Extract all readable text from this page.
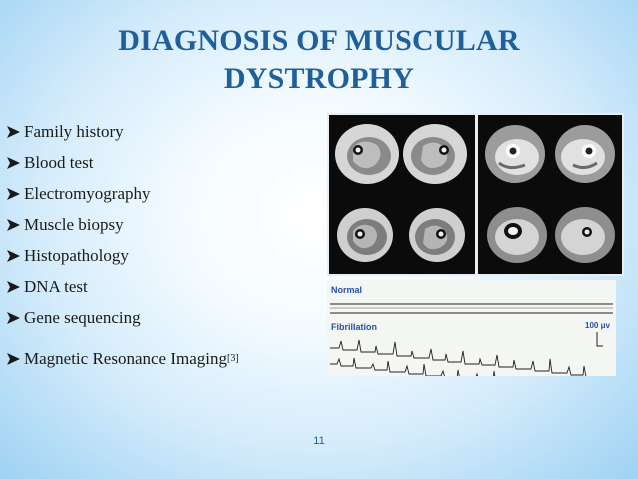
DIAGNOSIS OF MUSCULAR
DYSTROPHY
Family history
Blood test
Electromyography
Muscle biopsy
Histopathology
DNA test
Gene sequencing
Magnetic Resonance Imaging [3]
Normal
Fibrillation	100 μv
11
